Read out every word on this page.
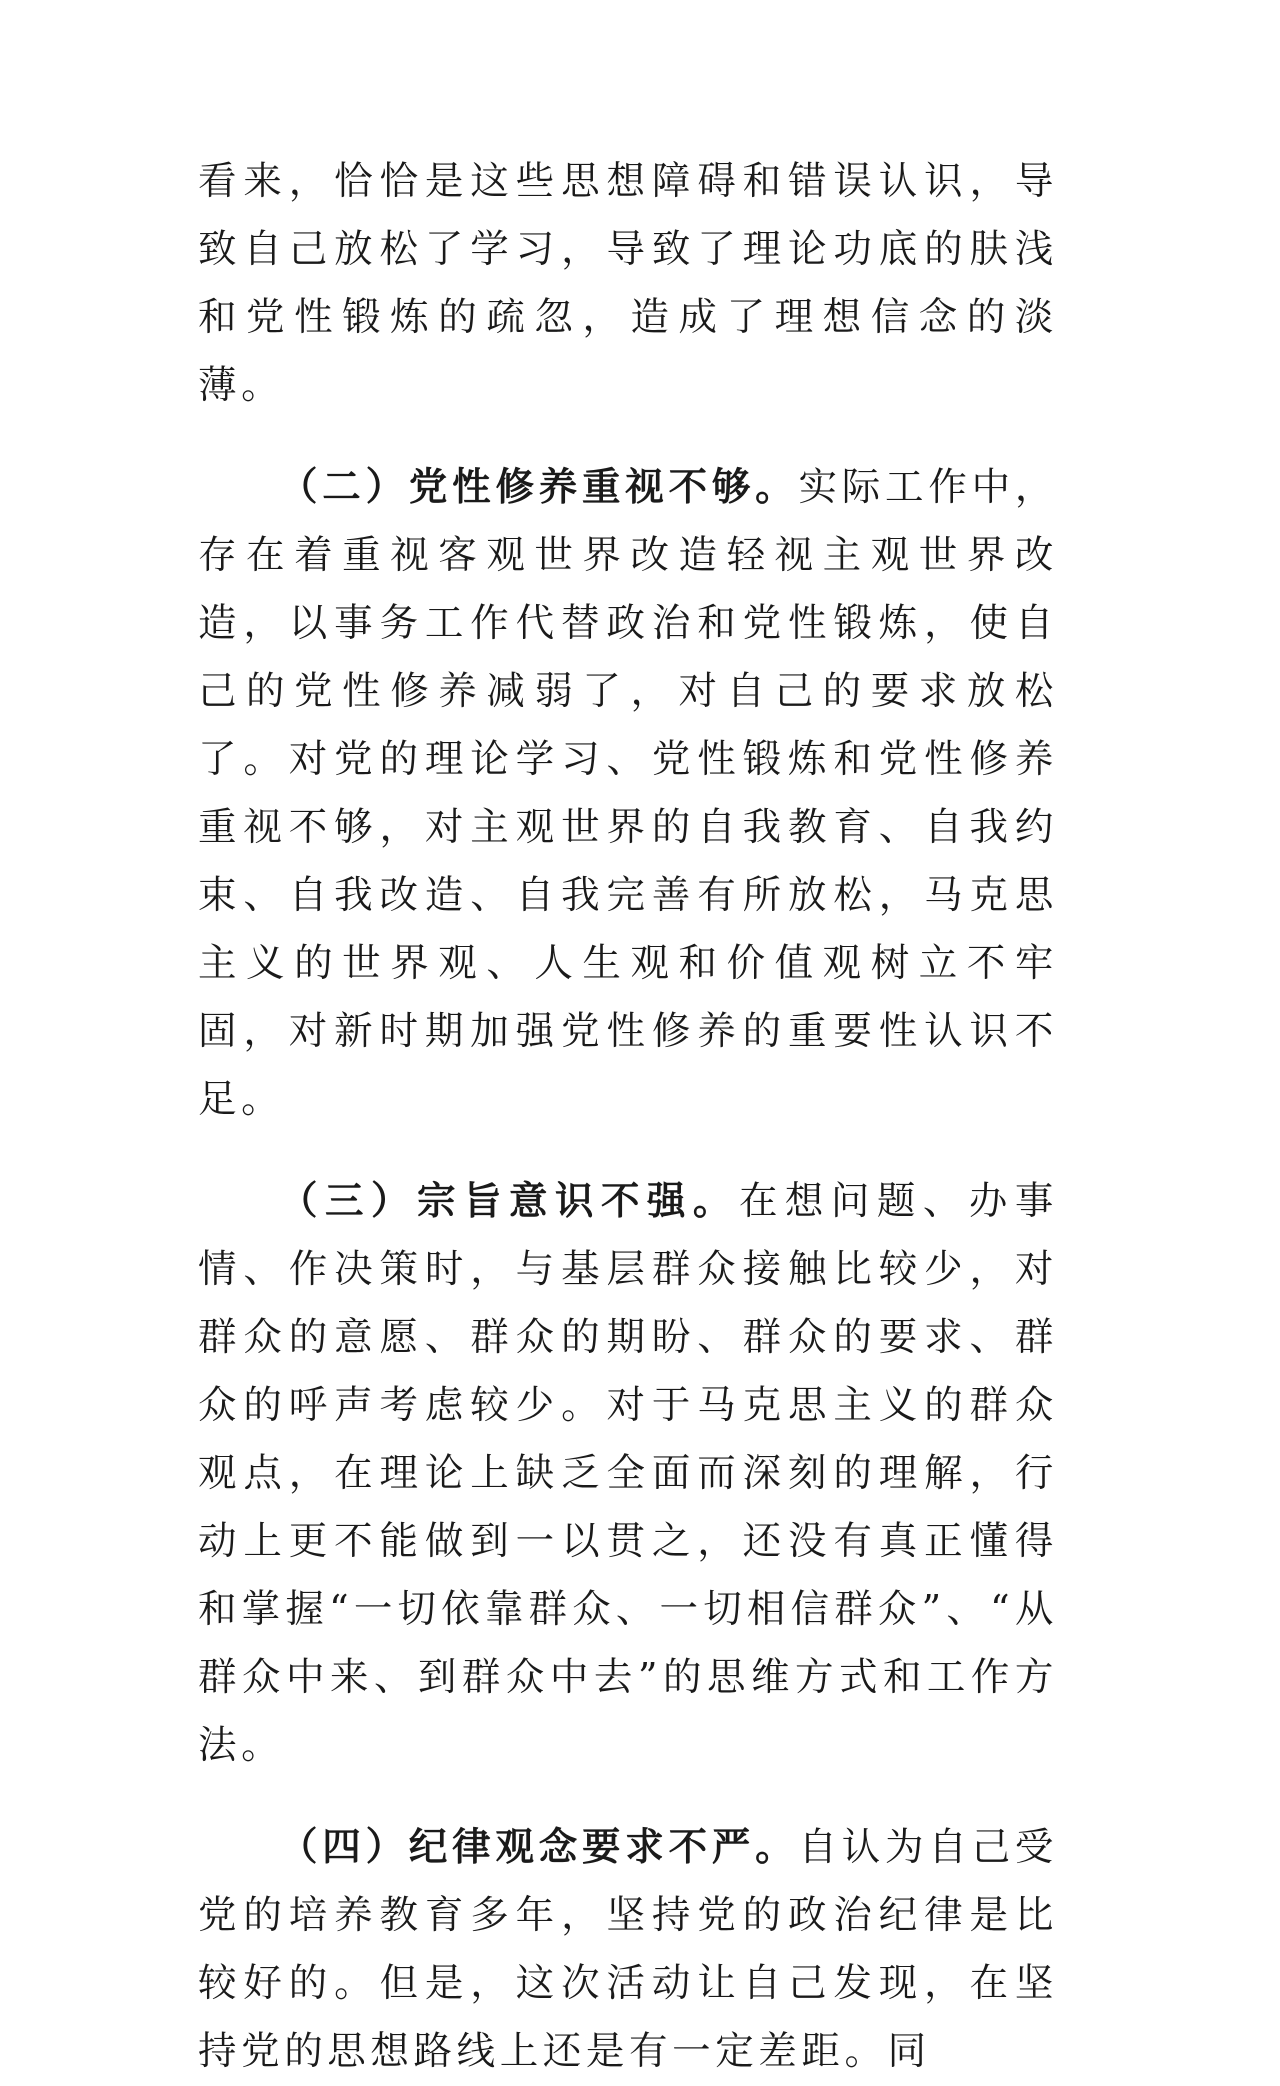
看来，恰恰是这些思想障碍和错误认识，导致自己放松了学习，导致了理论功底的肤浅和党性锻炼的疏忽，造成了理想信念的淡薄。

（二）党性修养重视不够。实际工作中，存在着重视客观世界改造轻视主观世界改造，以事务工作代替政治和党性锻炼，使自己的党性修养减弱了，对自己的要求放松了。对党的理论学习、党性锻炼和党性修养重视不够，对主观世界的自我教育、自我约束、自我改造、自我完善有所放松，马克思主义的世界观、人生观和价值观树立不牢固，对新时期加强党性修养的重要性认识不足。

（三）宗旨意识不强。在想问题、办事情、作决策时，与基层群众接触比较少，对群众的意愿、群众的期盼、群众的要求、群众的呼声考虑较少。对于马克思主义的群众观点，在理论上缺乏全面而深刻的理解，行动上更不能做到一以贯之，还没有真正懂得和掌握“一切依靠群众、一切相信群众”、“从群众中来、到群众中去”的思维方式和工作方法。

（四）纪律观念要求不严。自认为自己受党的培养教育多年，坚持党的政治纪律是比较好的。但是，这次活动让自己发现，在坚持党的思想路线上还是有一定差距。同
